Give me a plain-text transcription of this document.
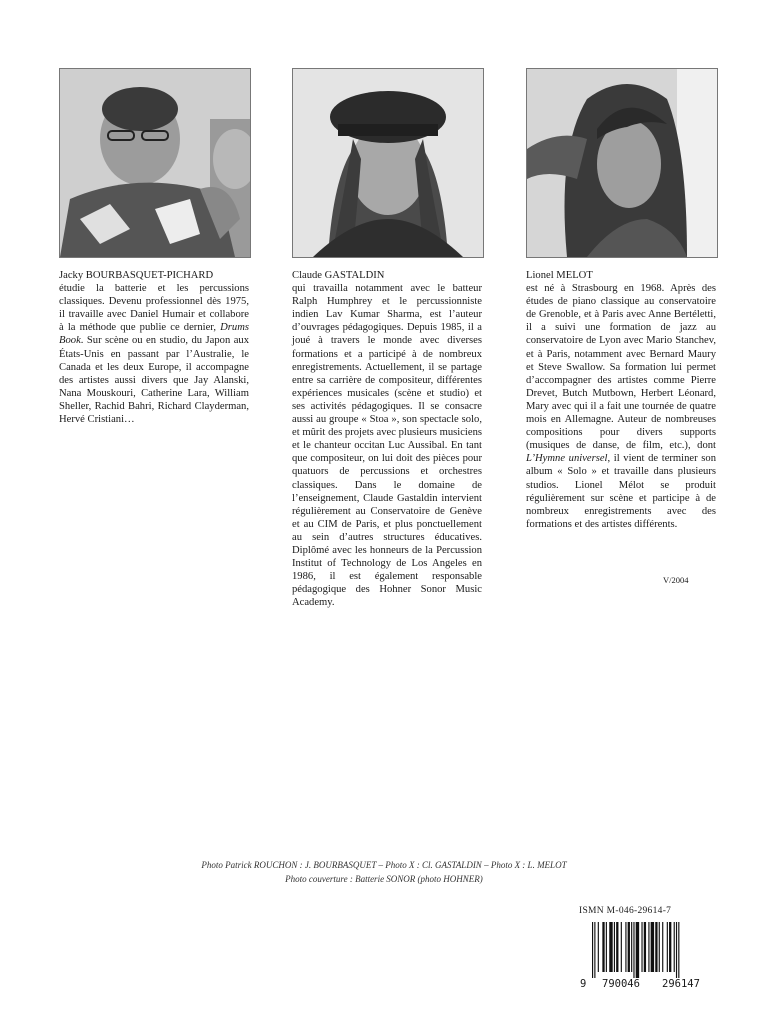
Jacky BOURBASQUET-PICHARD
étudie la batterie et les percussions classiques. Devenu professionnel dès 1975, il travaille avec Daniel Humair et collabore à la méthode que publie ce dernier, Drums Book. Sur scène ou en studio, du Japon aux États-Unis en passant par l’Australie, le Canada et les deux Europe, il accompagne des artistes aussi divers que Jay Alanski, Nana Mouskouri, Catherine Lara, William Sheller, Rachid Bahri, Richard Clayderman, Hervé Cristiani…
Claude GASTALDIN
qui travailla notamment avec le batteur Ralph Humphrey et le percussionniste indien Lav Kumar Sharma, est l’auteur d’ouvrages pédagogiques. Depuis 1985, il a joué à travers le monde avec diverses formations et a participé à de nombreux enregistrements. Actuellement, il se partage entre sa carrière de compositeur, différentes expériences musicales (scène et studio) et ses activités pédagogiques. Il se consacre aussi au groupe « Stoa », son spectacle solo, et mûrit des projets avec plusieurs musiciens et le chanteur occitan Luc Aussibal. En tant que compositeur, on lui doit des pièces pour quatuors de percussions et orchestres classiques. Dans le domaine de l’enseignement, Claude Gastaldin intervient régulièrement au Conservatoire de Genève et au CIM de Paris, et plus ponctuellement au sein d’autres structures éducatives. Diplômé avec les honneurs de la Percussion Institut of Technology de Los Angeles en 1986, il est également responsable pédagogique des Hohner Sonor Music Academy.
Lionel MELOT
est né à Strasbourg en 1968. Après des études de piano classique au conservatoire de Grenoble, et à Paris avec Anne Bertéletti, il a suivi une formation de jazz au conservatoire de Lyon avec Mario Stanchev, et à Paris, notamment avec Bernard Maury et Steve Swallow. Sa formation lui permet d’accompagner des artistes comme Pierre Drevet, Butch Mutbown, Herbert Léonard, Mary avec qui il a fait une tournée de quatre mois en Allemagne. Auteur de nombreuses compositions pour divers supports (musiques de danse, de film, etc.), dont L’Hymne universel, il vient de terminer son album « Solo » et travaille dans plusieurs studios. Lionel Mélot se produit régulièrement sur scène et participe à de nombreux enregistrements avec des formations et des artistes différents.
V/2004
Photo Patrick ROUCHON : J. BOURBASQUET – Photo X : Cl. GASTALDIN – Photo X : L. MELOT
Photo couverture : Batterie SONOR (photo HOHNER)
ISMN M-046-29614-7
9 790046 296147
